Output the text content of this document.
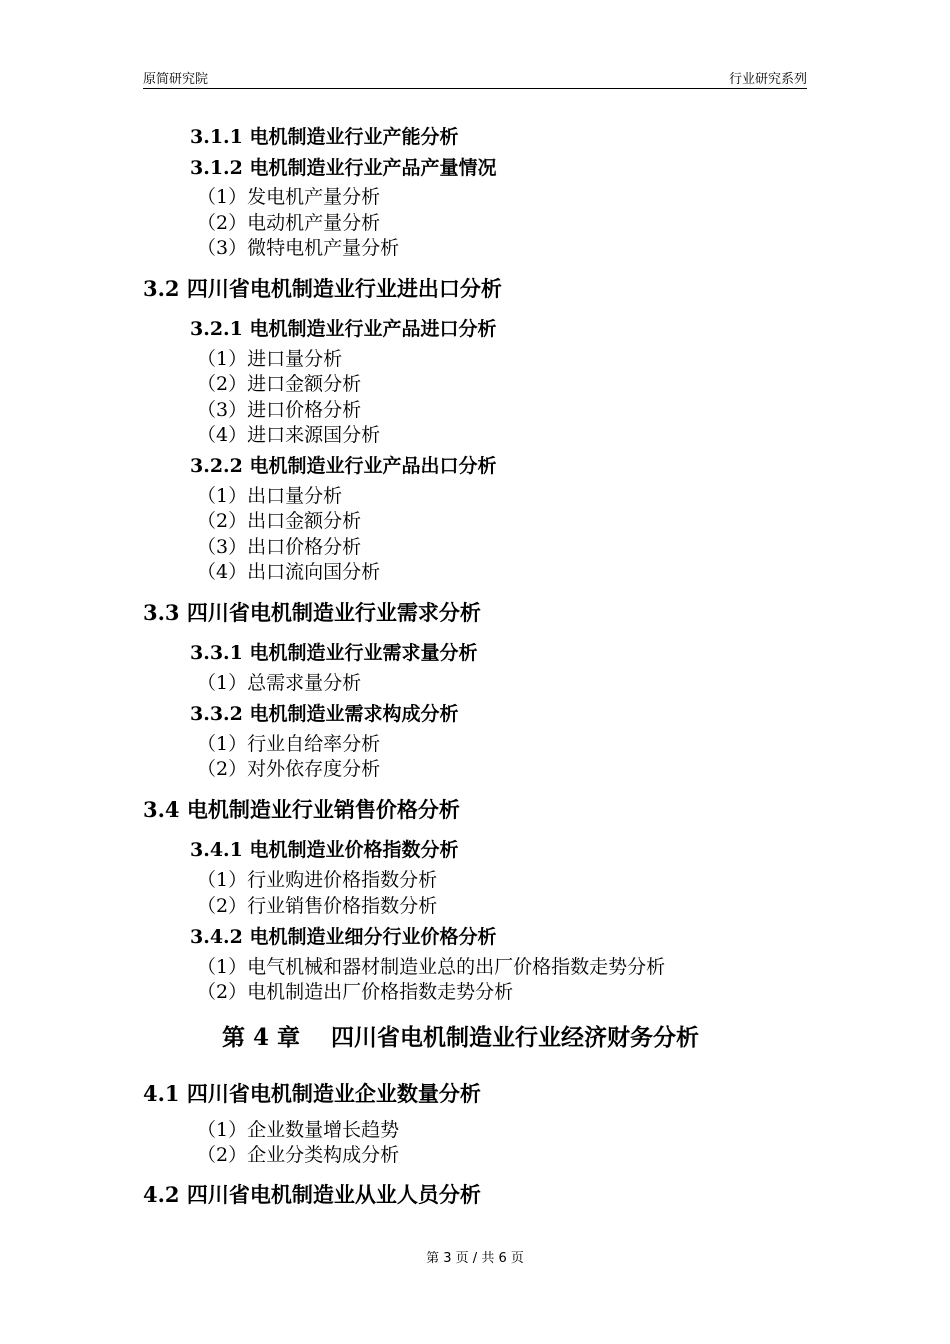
原简研究院	行业研究系列
3.1.1 电机制造业行业产能分析
3.1.2 电机制造业行业产品产量情况
（1）发电机产量分析
（2）电动机产量分析
（3）微特电机产量分析
3.2 四川省电机制造业行业进出口分析
3.2.1 电机制造业行业产品进口分析
（1）进口量分析
（2）进口金额分析
（3）进口价格分析
（4）进口来源国分析
3.2.2 电机制造业行业产品出口分析
（1）出口量分析
（2）出口金额分析
（3）出口价格分析
（4）出口流向国分析
3.3 四川省电机制造业行业需求分析
3.3.1 电机制造业行业需求量分析
（1）总需求量分析
3.3.2 电机制造业需求构成分析
（1）行业自给率分析
（2）对外依存度分析
3.4 电机制造业行业销售价格分析
3.4.1 电机制造业价格指数分析
（1）行业购进价格指数分析
（2）行业销售价格指数分析
3.4.2 电机制造业细分行业价格分析
（1）电气机械和器材制造业总的出厂价格指数走势分析
（2）电机制造出厂价格指数走势分析
第 4 章　 四川省电机制造业行业经济财务分析
4.1 四川省电机制造业企业数量分析
（1）企业数量增长趋势
（2）企业分类构成分析
4.2 四川省电机制造业从业人员分析
第 3 页 / 共 6 页
